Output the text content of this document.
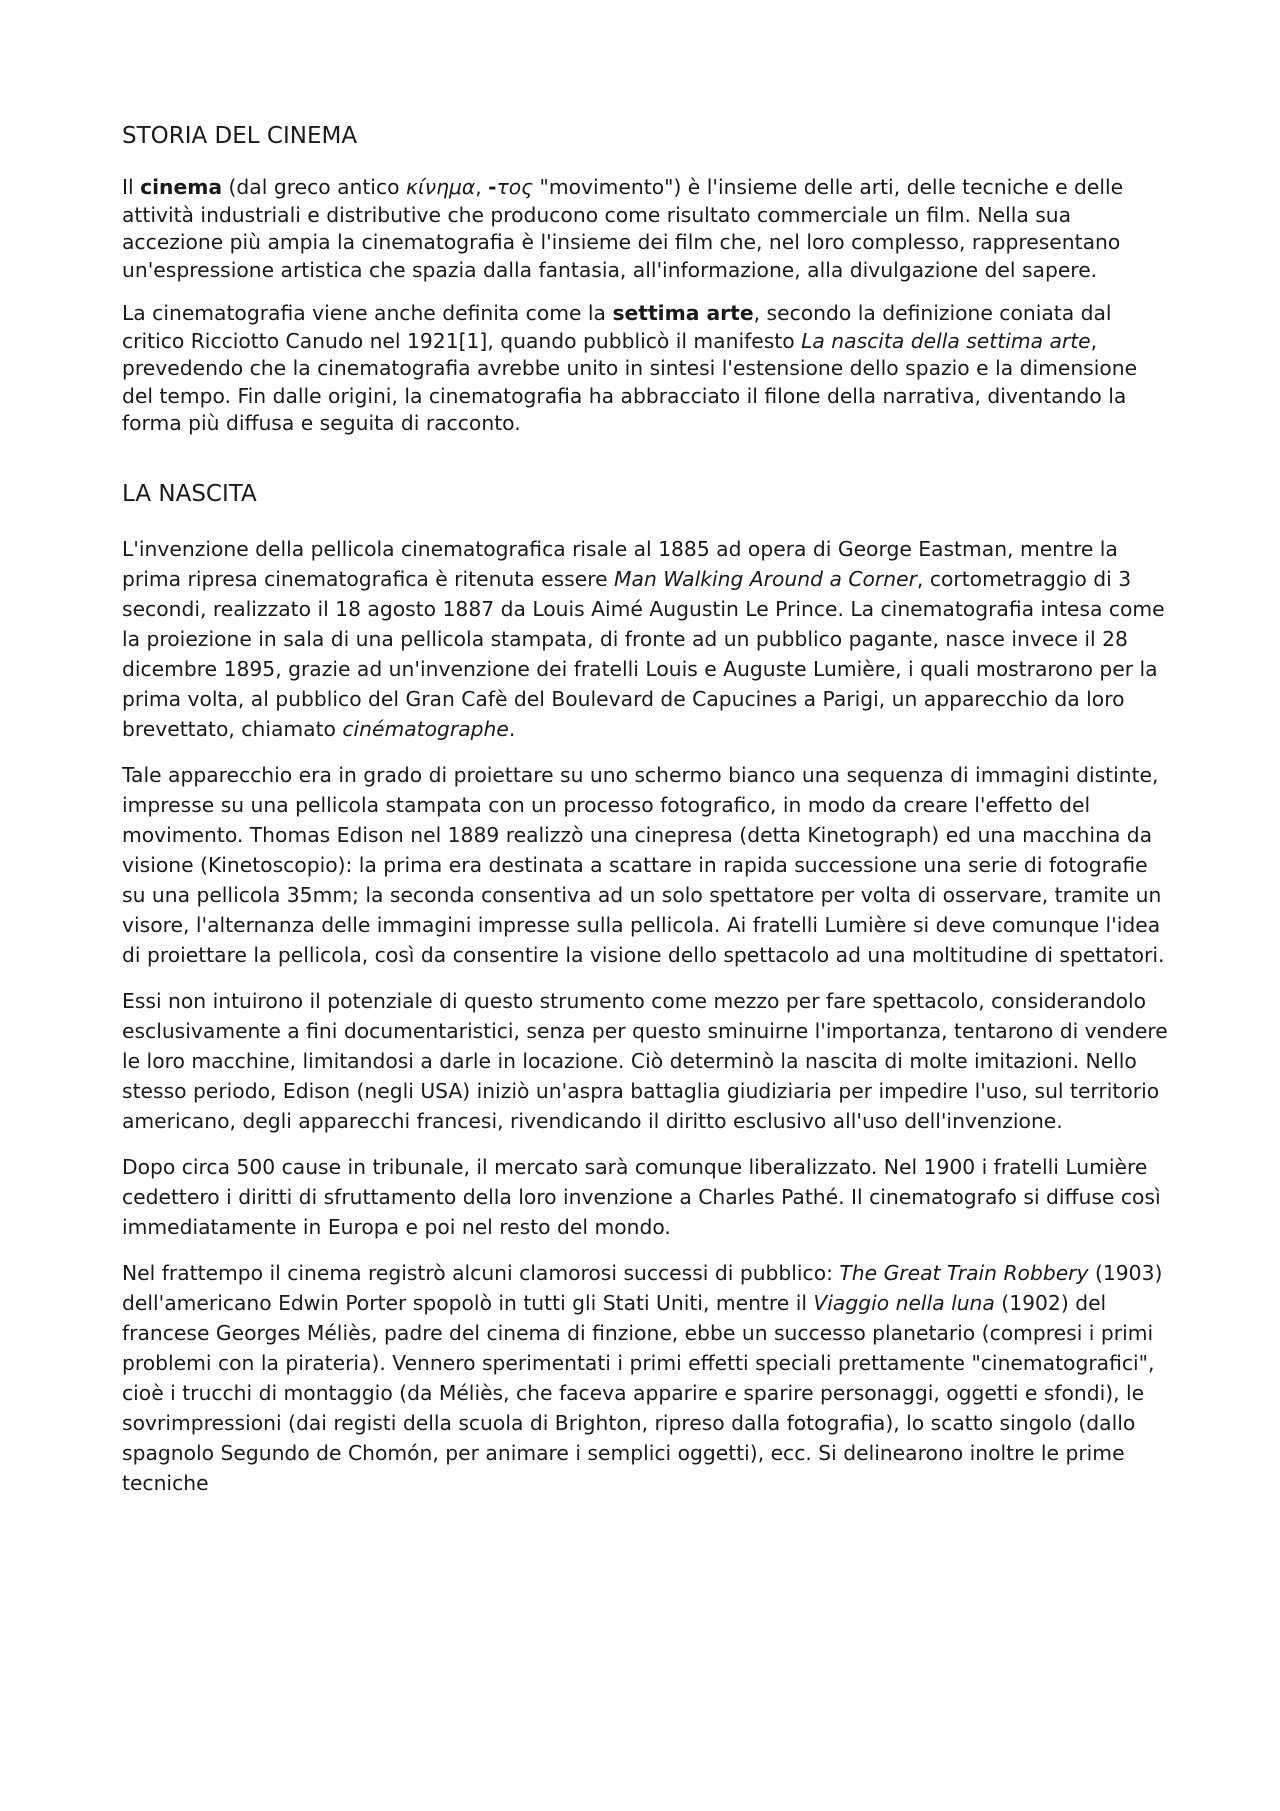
STORIA DEL CINEMA

Il cinema (dal greco antico κίνημα, -τος "movimento") è l'insieme delle arti, delle tecniche e delle attività industriali e distributive che producono come risultato commerciale un film. Nella sua accezione più ampia la cinematografia è l'insieme dei film che, nel loro complesso, rappresentano un'espressione artistica che spazia dalla fantasia, all'informazione, alla divulgazione del sapere.

La cinematografia viene anche definita come la settima arte, secondo la definizione coniata dal critico Ricciotto Canudo nel 1921[1], quando pubblicò il manifesto La nascita della settima arte, prevedendo che la cinematografia avrebbe unito in sintesi l'estensione dello spazio e la dimensione del tempo. Fin dalle origini, la cinematografia ha abbracciato il filone della narrativa, diventando la forma più diffusa e seguita di racconto.

LA NASCITA

L'invenzione della pellicola cinematografica risale al 1885 ad opera di George Eastman, mentre la prima ripresa cinematografica è ritenuta essere Man Walking Around a Corner, cortometraggio di 3 secondi, realizzato il 18 agosto 1887 da Louis Aimé Augustin Le Prince. La cinematografia intesa come la proiezione in sala di una pellicola stampata, di fronte ad un pubblico pagante, nasce invece il 28 dicembre 1895, grazie ad un'invenzione dei fratelli Louis e Auguste Lumière, i quali mostrarono per la prima volta, al pubblico del Gran Cafè del Boulevard de Capucines a Parigi, un apparecchio da loro brevettato, chiamato cinématographe.

Tale apparecchio era in grado di proiettare su uno schermo bianco una sequenza di immagini distinte, impresse su una pellicola stampata con un processo fotografico, in modo da creare l'effetto del movimento. Thomas Edison nel 1889 realizzò una cinepresa (detta Kinetograph) ed una macchina da visione (Kinetoscopio): la prima era destinata a scattare in rapida successione una serie di fotografie su una pellicola 35mm; la seconda consentiva ad un solo spettatore per volta di osservare, tramite un visore, l'alternanza delle immagini impresse sulla pellicola. Ai fratelli Lumière si deve comunque l'idea di proiettare la pellicola, così da consentire la visione dello spettacolo ad una moltitudine di spettatori.

Essi non intuirono il potenziale di questo strumento come mezzo per fare spettacolo, considerandolo esclusivamente a fini documentaristici, senza per questo sminuirne l'importanza, tentarono di vendere le loro macchine, limitandosi a darle in locazione. Ciò determinò la nascita di molte imitazioni. Nello stesso periodo, Edison (negli USA) iniziò un'aspra battaglia giudiziaria per impedire l'uso, sul territorio americano, degli apparecchi francesi, rivendicando il diritto esclusivo all'uso dell'invenzione.

Dopo circa 500 cause in tribunale, il mercato sarà comunque liberalizzato. Nel 1900 i fratelli Lumière cedettero i diritti di sfruttamento della loro invenzione a Charles Pathé. Il cinematografo si diffuse così immediatamente in Europa e poi nel resto del mondo.

Nel frattempo il cinema registrò alcuni clamorosi successi di pubblico: The Great Train Robbery (1903) dell'americano Edwin Porter spopolò in tutti gli Stati Uniti, mentre il Viaggio nella luna (1902) del francese Georges Méliès, padre del cinema di finzione, ebbe un successo planetario (compresi i primi problemi con la pirateria). Vennero sperimentati i primi effetti speciali prettamente "cinematografici", cioè i trucchi di montaggio (da Méliès, che faceva apparire e sparire personaggi, oggetti e sfondi), le sovrimpressioni (dai registi della scuola di Brighton, ripreso dalla fotografia), lo scatto singolo (dallo spagnolo Segundo de Chomón, per animare i semplici oggetti), ecc. Si delinearono inoltre le prime tecniche
